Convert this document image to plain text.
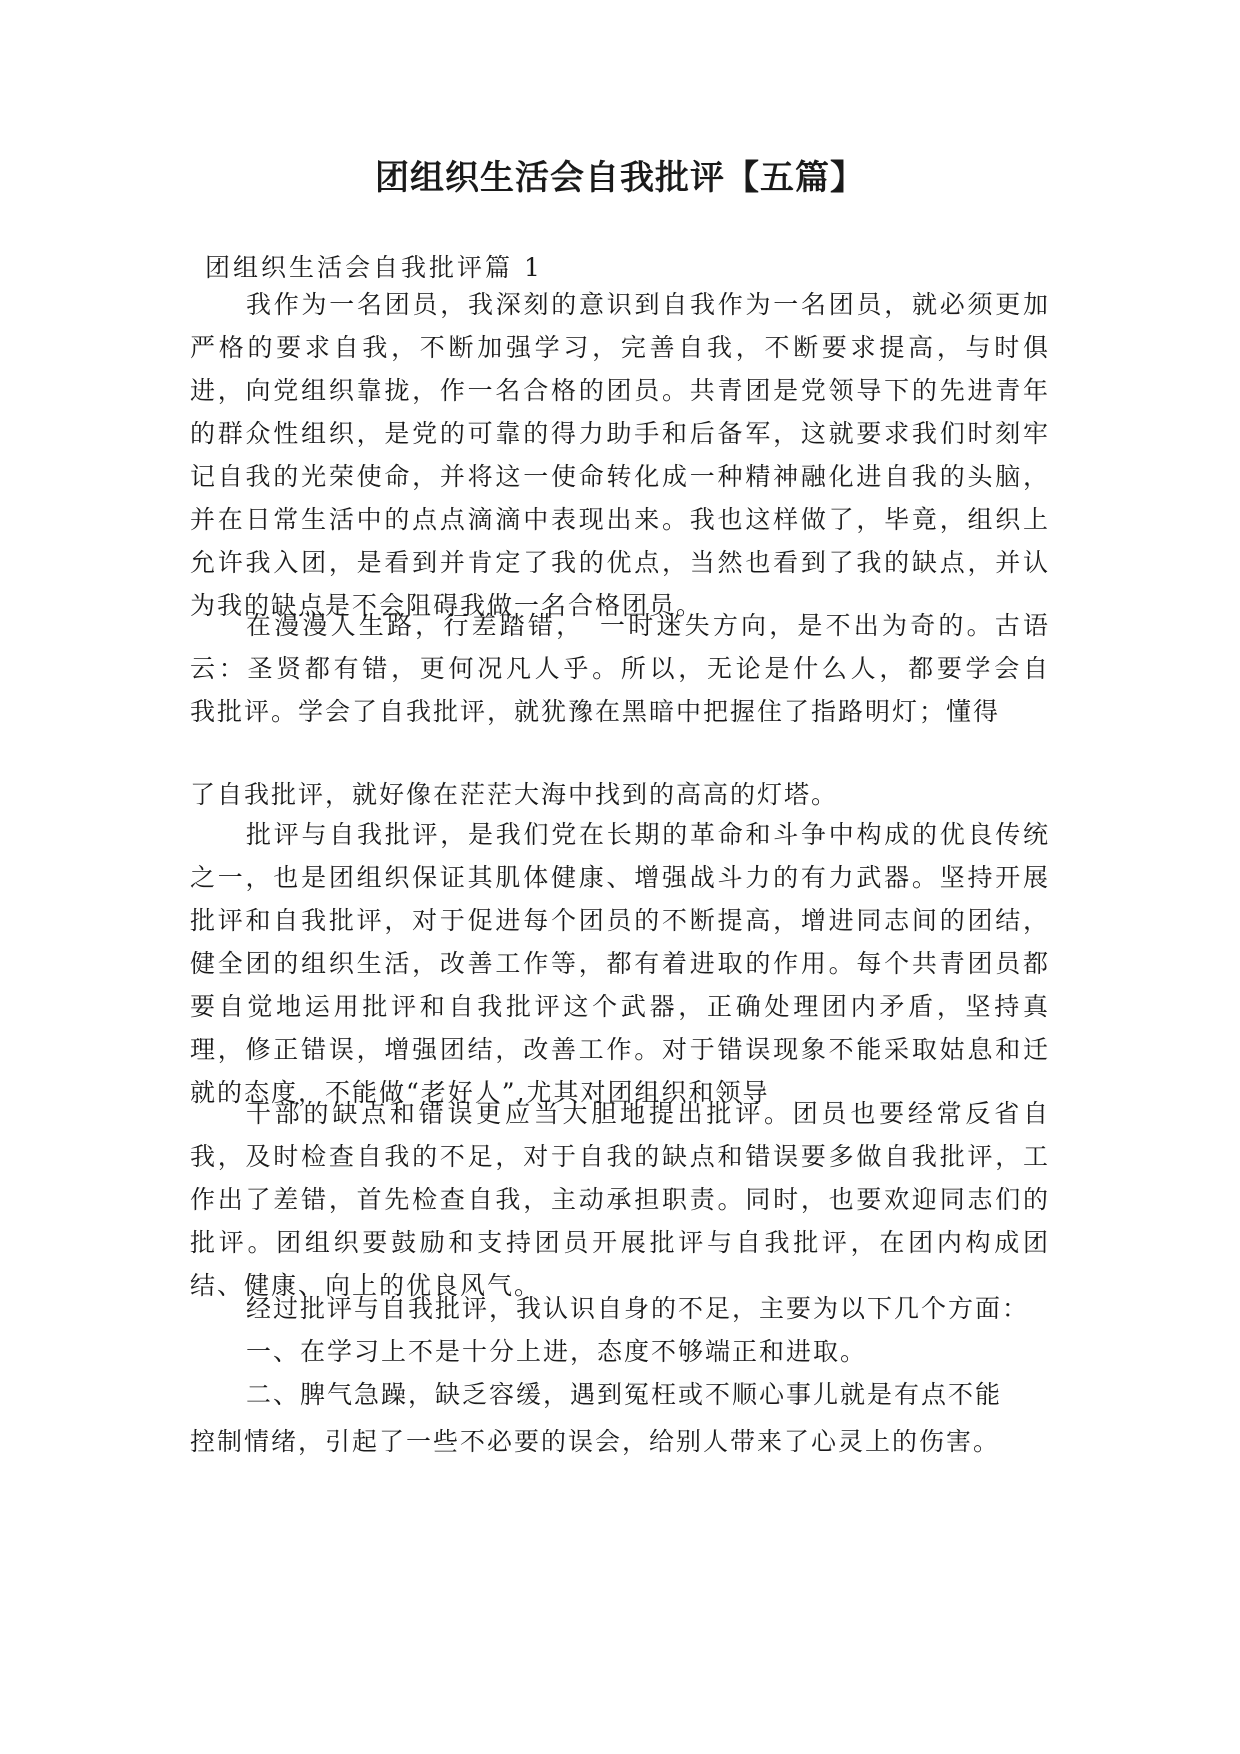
团组织生活会自我批评【五篇】

团组织生活会自我批评篇 1

我作为一名团员，我深刻的意识到自我作为一名团员，就必须更加严格的要求自我，不断加强学习，完善自我，不断要求提高，与时俱进，向党组织靠拢，作一名合格的团员。共青团是党领导下的先进青年的群众性组织，是党的可靠的得力助手和后备军，这就要求我们时刻牢记自我的光荣使命，并将这一使命转化成一种精神融化进自我的头脑，并在日常生活中的点点滴滴中表现出来。我也这样做了，毕竟，组织上允许我入团，是看到并肯定了我的优点，当然也看到了我的缺点，并认为我的缺点是不会阻碍我做一名合格团员。

在漫漫人生路，行差踏错，　一时迷失方向，是不出为奇的。古语　云：圣贤都有错，更何况凡人乎。所以，无论是什么人，都要学会自　我批评。学会了自我批评，就犹豫在黑暗中把握住了指路明灯；懂得

了自我批评，就好像在茫茫大海中找到的高高的灯塔。

批评与自我批评，是我们党在长期的革命和斗争中构成的优良传统之一，也是团组织保证其肌体健康、增强战斗力的有力武器。坚持开展批评和自我批评，对于促进每个团员的不断提高，增进同志间的团结，健全团的组织生活，改善工作等，都有着进取的作用。每个共青团员都要自觉地运用批评和自我批评这个武器，正确处理团内矛盾，坚持真理，修正错误，增强团结，改善工作。对于错误现象不能采取姑息和迁就的态度，不能做“老好人”,尤其对团组织和领导

干部的缺点和错误更应当大胆地提出批评。团员也要经常反省自我，及时检查自我的不足，对于自我的缺点和错误要多做自我批评，工作出了差错，首先检查自我，主动承担职责。同时，也要欢迎同志们的批评。团组织要鼓励和支持团员开展批评与自我批评，在团内构成团结、健康、向上的优良风气。

经过批评与自我批评，我认识自身的不足，主要为以下几个方面：

一、在学习上不是十分上进，态度不够端正和进取。

二、脾气急躁，缺乏容缓，遇到冤枉或不顺心事儿就是有点不能

控制情绪，引起了一些不必要的误会，给别人带来了心灵上的伤害。
